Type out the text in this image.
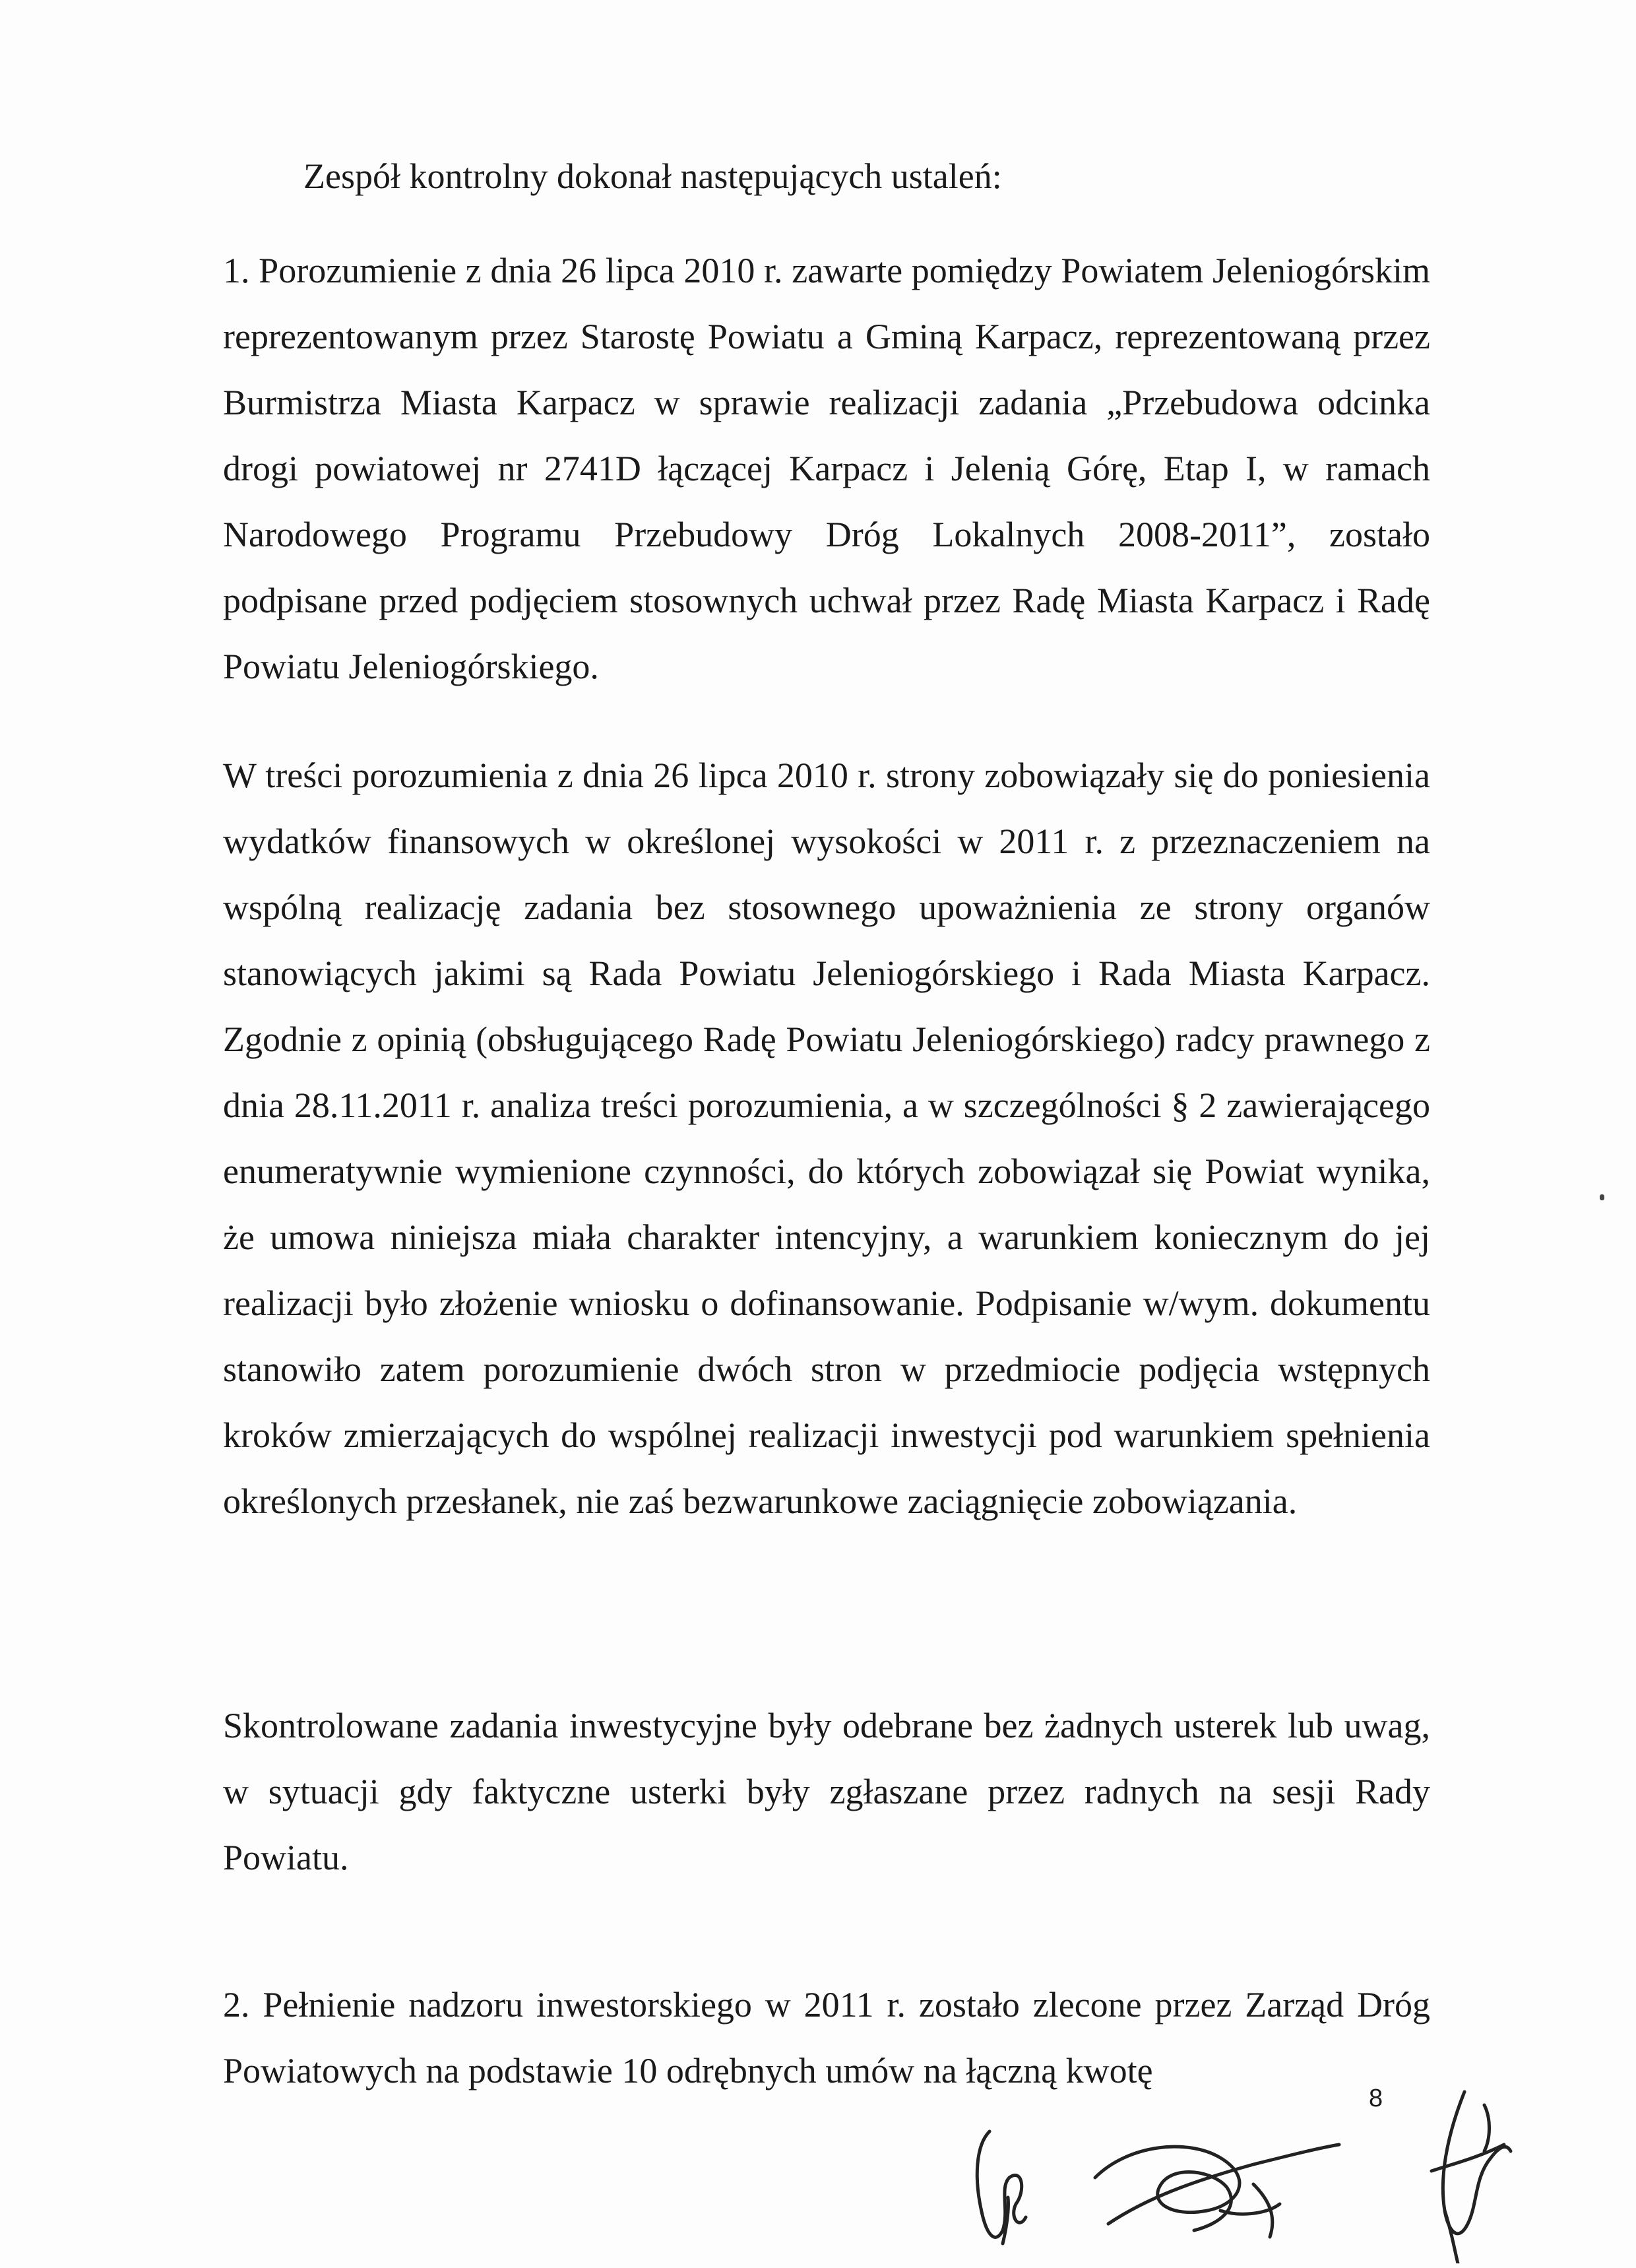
Zespół kontrolny dokonał następujących ustaleń:

1. Porozumienie z dnia 26 lipca 2010 r. zawarte pomiędzy Powiatem Jeleniogórskim reprezentowanym przez Starostę Powiatu a Gminą Karpacz, reprezentowaną przez Burmistrza Miasta Karpacz w sprawie realizacji zadania „Przebudowa odcinka drogi powiatowej nr 2741D łączącej Karpacz i Jelenią Górę, Etap I, w ramach Narodowego Programu Przebudowy Dróg Lokalnych 2008-2011”, zostało podpisane przed podjęciem stosownych uchwał przez Radę Miasta Karpacz i Radę Powiatu Jeleniogórskiego.

W treści porozumienia z dnia 26 lipca 2010 r. strony zobowiązały się do poniesienia wydatków finansowych w określonej wysokości w 2011 r. z przeznaczeniem na wspólną realizację zadania bez stosownego upoważnienia ze strony organów stanowiących jakimi są Rada Powiatu Jeleniogórskiego i Rada Miasta Karpacz. Zgodnie z opinią (obsługującego Radę Powiatu Jeleniogórskiego) radcy prawnego z dnia 28.11.2011 r. analiza treści porozumienia, a w szczególności § 2 zawierającego enumeratywnie wymienione czynności, do których zobowiązał się Powiat wynika, że umowa niniejsza miała charakter intencyjny, a warunkiem koniecznym do jej realizacji było złożenie wniosku o dofinansowanie. Podpisanie w/wym. dokumentu stanowiło zatem porozumienie dwóch stron w przedmiocie podjęcia wstępnych kroków zmierzających do wspólnej realizacji inwestycji pod warunkiem spełnienia określonych przesłanek, nie zaś bezwarunkowe zaciągnięcie zobowiązania.

Skontrolowane zadania inwestycyjne były odebrane bez żadnych usterek lub uwag, w sytuacji gdy faktyczne usterki były zgłaszane przez radnych na sesji Rady Powiatu.

2. Pełnienie nadzoru inwestorskiego w 2011 r. zostało zlecone przez Zarząd Dróg Powiatowych na podstawie 10 odrębnych umów na łączną kwotę

8
